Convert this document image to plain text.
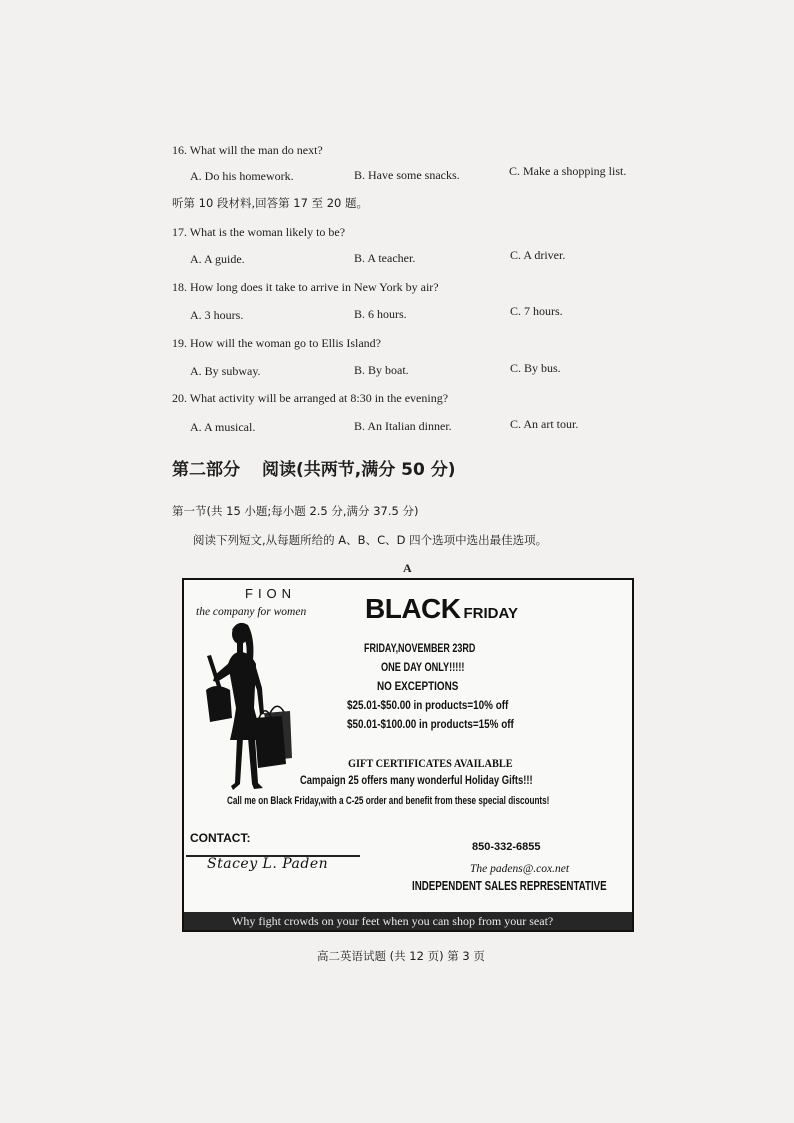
16. What will the man do next?
A. Do his homework.	B. Have some snacks.	C. Make a shopping list.
听第 10 段材料,回答第 17 至 20 题。
17. What is the woman likely to be?
A. A guide.	B. A teacher.	C. A driver.
18. How long does it take to arrive in New York by air?
A. 3 hours.	B. 6 hours.	C. 7 hours.
19. How will the woman go to Ellis Island?
A. By subway.	B. By boat.	C. By bus.
20. What activity will be arranged at 8:30 in the evening?
A. A musical.	B. An Italian dinner.	C. An art tour.
第二部分 阅读(共两节,满分 50 分)
第一节(共 15 小题;每小题 2.5 分,满分 37.5 分)
阅读下列短文,从每题所给的 A、B、C、D 四个选项中选出最佳选项。
A
FION
the company for women BLACK FRIDAY
FRIDAY,NOVEMBER 23RD
ONE DAY ONLY!!!!!
NO EXCEPTIONS
$25.01-$50.00 in products=10% off
$50.01-$100.00 in products=15% off
GIFT CERTIFICATES AVAILABLE
Campaign 25 offers many wonderful Holiday Gifts!!!
Call me on Black Friday,with a C-25 order and benefit from these special discounts!
CONTACT:
Stacey L. Paden
850-332-6855
The padens@.cox.net
INDEPENDENT SALES REPRESENTATIVE
Why fight crowds on your feet when you can shop from your seat?
高二英语试题 (共 12 页) 第 3 页
